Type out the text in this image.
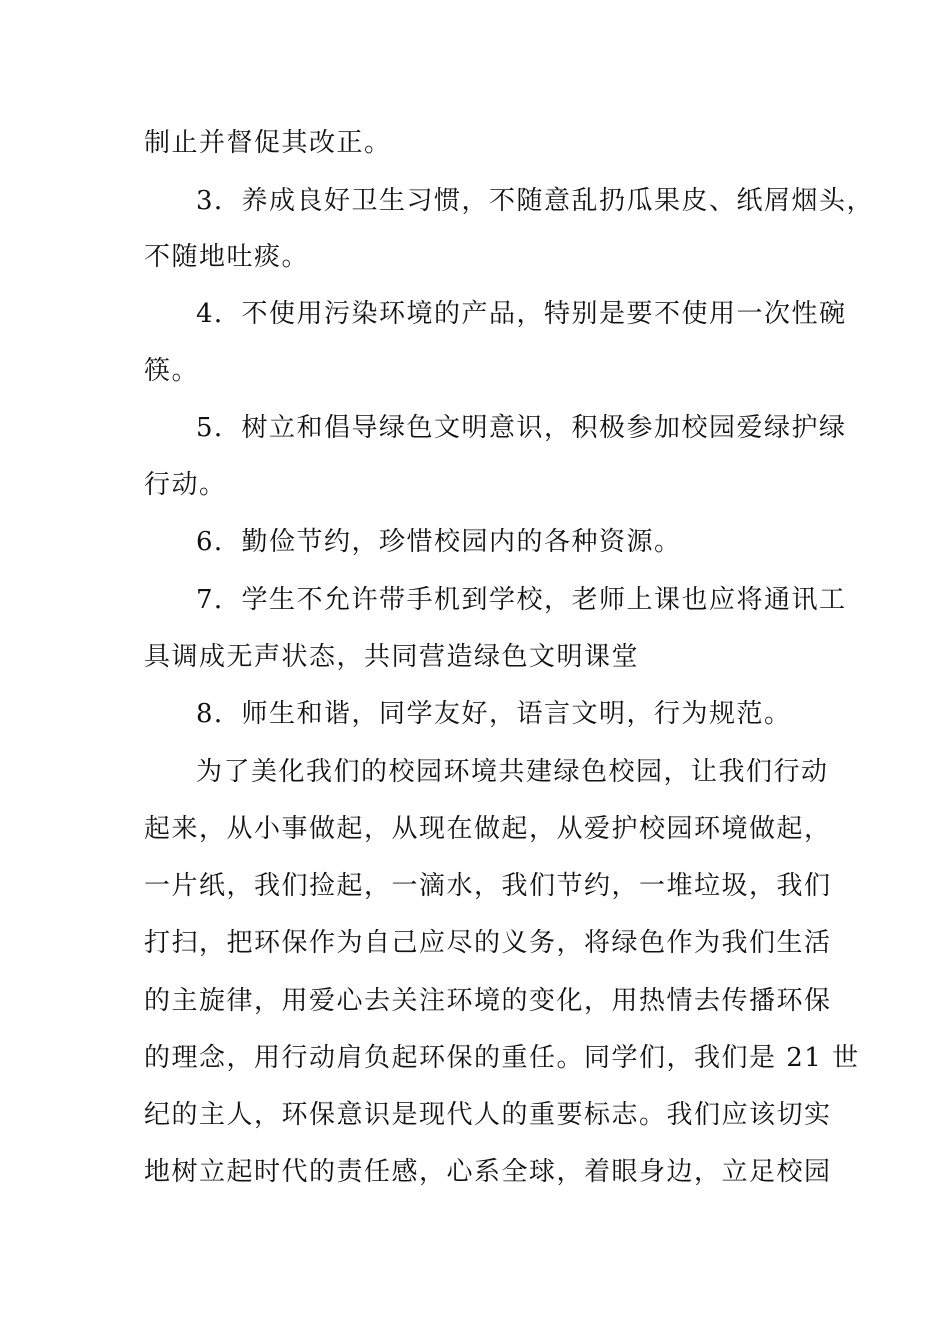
制止并督促其改正。
3．养成良好卫生习惯，不随意乱扔瓜果皮、纸屑烟头，
不随地吐痰。
4．不使用污染环境的产品，特别是要不使用一次性碗
筷。
5．树立和倡导绿色文明意识，积极参加校园爱绿护绿
行动。
6．勤俭节约，珍惜校园内的各种资源。
7．学生不允许带手机到学校，老师上课也应将通讯工
具调成无声状态，共同营造绿色文明课堂
8．师生和谐，同学友好，语言文明，行为规范。
为了美化我们的校园环境共建绿色校园，让我们行动
起来，从小事做起，从现在做起，从爱护校园环境做起，
一片纸，我们捡起，一滴水，我们节约，一堆垃圾，我们
打扫，把环保作为自己应尽的义务，将绿色作为我们生活
的主旋律，用爱心去关注环境的变化，用热情去传播环保
的理念，用行动肩负起环保的重任。同学们，我们是 21 世
纪的主人，环保意识是现代人的重要标志。我们应该切实
地树立起时代的责任感，心系全球，着眼身边，立足校园
